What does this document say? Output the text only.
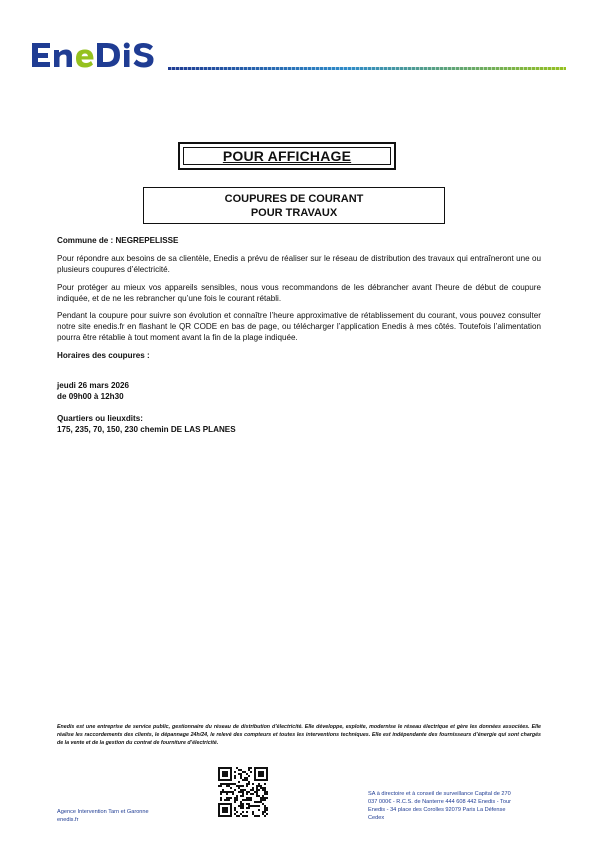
POUR AFFICHAGE
COUPURES DE COURANT
POUR TRAVAUX

Commune de : NEGREPELISSE

Pour répondre aux besoins de sa clientèle, Enedis a prévu de réaliser sur le réseau de distribution des travaux qui entraîneront une ou plusieurs coupures d’électricité.

Pour protéger au mieux vos appareils sensibles, nous vous recommandons de les débrancher avant l’heure de début de coupure indiquée, et de ne les rebrancher qu’une fois le courant rétabli.

Pendant la coupure pour suivre son évolution et connaître l’heure approximative de rétablissement du courant, vous pouvez consulter notre site enedis.fr en flashant le QR CODE en bas de page, ou télécharger l’application Enedis à mes côtés. Toutefois l’alimentation pourra être rétablie à tout moment avant la fin de la plage indiquée.

Horaires des coupures :

jeudi 26 mars 2026
de 09h00 à 12h30
Quartiers ou lieuxdits:
175, 235, 70, 150, 230 chemin DE LAS PLANES
Enedis est une entreprise de service public, gestionnaire du réseau de distribution d’électricité. Elle développe, exploite, modernise le réseau électrique et gère les données associées. Elle réalise les raccordements des clients, le dépannage 24h/24, le relevé des compteurs et toutes les interventions techniques. Elle est indépendante des fournisseurs d’énergie qui sont chargés de la vente et de la gestion du contrat de fourniture d’électricité.
Agence Intervention Tarn et Garonne
enedis.fr
SA à directoire et à conseil de surveillance Capital de 270
037 000€ - R.C.S. de Nanterre 444 608 442 Enedis - Tour
Enedis - 34 place des Corolles 92079 Paris La Défense
Cedex
